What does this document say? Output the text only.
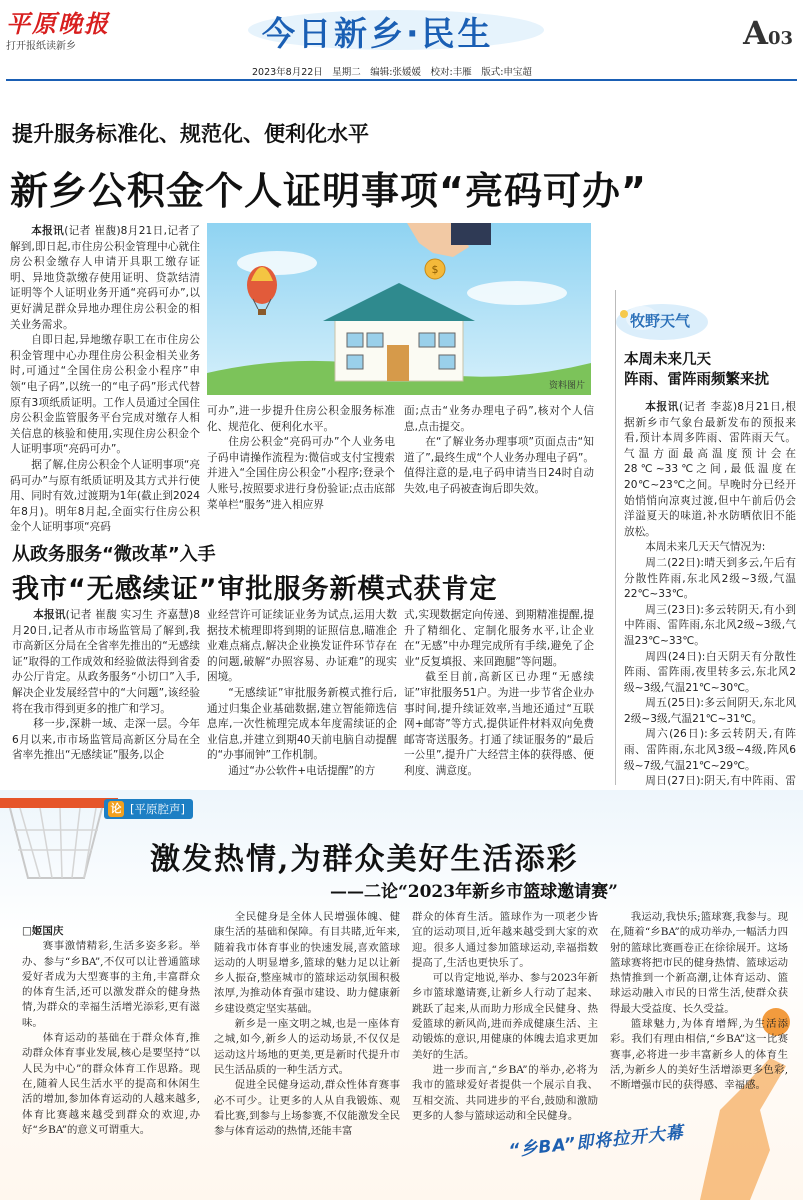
平原晚报
打开报纸读新乡	今日新乡·民生	A03
2023年8月22日　星期二　编辑:张媛媛　校对:丰雁　版式:申宝超
提升服务标准化、规范化、便利化水平
新乡公积金个人证明事项“亮码可办”

本报讯(记者 崔馥)8月21日,记者了解到,即日起,市住房公积金管理中心就住房公积金缴存人申请开具职工缴存证明、异地贷款缴存使用证明、贷款结清证明等个人证明业务开通“亮码可办”,以更好满足群众异地办理住房公积金的相关业务需求。

自即日起,异地缴存职工在市住房公积金管理中心办理住房公积金相关业务时,可通过“全国住房公积金小程序”申领“电子码”,以统一的“电子码”形式代替原有3项纸质证明。工作人员通过全国住房公积金监管服务平台完成对缴存人相关信息的核验和使用,实现住房公积金个人证明事项“亮码可办”。

据了解,住房公积金个人证明事项“亮码可办”与原有纸质证明及其方式并行使用、同时有效,过渡期为1年(截止到2024年8月)。明年8月起,全面实行住房公积金个人证明事项“亮码

$
资料图片

可办”,进一步提升住房公积金服务标准化、规范化、便利化水平。

住房公积金“亮码可办”个人业务电子码申请操作流程为:微信或支付宝搜索并进入“全国住房公积金”小程序;登录个人账号,按照要求进行身份验证;点击底部菜单栏“服务”进入相应界

面;点击“业务办理电子码”,核对个人信息,点击提交。

在“了解业务办理事项”页面点击“知道了”,最终生成“个人业务办理电子码”。值得注意的是,电子码申请当日24时自动失效,电子码被查询后即失效。

牧野天气
本周未来几天
阵雨、雷阵雨频繁来扰

本报讯(记者 李蕊)8月21日,根据新乡市气象台最新发布的预报来看,预计本周多阵雨、雷阵雨天气。气温方面最高温度预计会在28℃~33℃之间,最低温度在20℃~23℃之间。早晚时分已经开始悄悄向凉爽过渡,但中午前后仍会洋溢夏天的味道,补水防晒依旧不能放松。

本周未来几天天气情况为:

周二(22日):晴天到多云,午后有分散性阵雨,东北风2级~3级,气温22℃~33℃。

周三(23日):多云转阴天,有小到中阵雨、雷阵雨,东北风2级~3级,气温23℃~33℃。

周四(24日):白天阴天有分散性阵雨、雷阵雨,夜里转多云,东北风2级~3级,气温21℃~30℃。

周五(25日):多云间阴天,东北风2级~3级,气温21℃~31℃。

周六(26日):多云转阴天,有阵雨、雷阵雨,东北风3级~4级,阵风6级~7级,气温21℃~29℃。

周日(27日):阴天,有中阵雨、雷

从政务服务“微改革”入手
我市“无感续证”审批服务新模式获肯定

本报讯(记者 崔馥 实习生 齐嘉慧)8月20日,记者从市市场监管局了解到,我市高新区分局在全省率先推出的“无感续证”取得的工作成效和经验做法得到省委办公厅肯定。从政务服务“小切口”入手,解决企业发展经营中的“大问题”,该经验将在我市得到更多的推广和学习。

移一步,深耕一域、走深一层。今年6月以来,市市场监管局高新区分局在全省率先推出“无感续证”服务,以企

业经营许可证续证业务为试点,运用大数据技术梳理即将到期的证照信息,瞄准企业难点痛点,解决企业换发证件环节存在的问题,破解“办照容易、办证难”的现实困境。

“无感续证”审批服务新模式推行后,通过归集企业基础数据,建立智能筛选信息库,一次性梳理完成本年度需续证的企业信息,并建立到期40天前电脑自动提醒的“办事闹钟”工作机制。

通过“办公软件+电话提醒”的方

式,实现数据定向传递、到期精准提醒,提升了精细化、定制化服务水平,让企业在“无感”中办理完成所有手续,避免了企业“反复填报、来回跑腿”等问题。

截至目前,高新区已办理“无感续证”审批服务51户。为进一步节省企业办事时间,提升续证效率,当地还通过“互联网+邮寄”等方式,提供证件材料双向免费邮寄寄送服务。打通了续证服务的“最后一公里”,提升广大经营主体的获得感、便利度、满意度。

论 [平原腔声]
激发热情,为群众美好生活添彩
——二论“2023年新乡市篮球邀请赛”

□姬国庆

赛事激情精彩,生活多姿多彩。举办、参与“乡BA”,不仅可以让普通篮球爱好者成为大型赛事的主角,丰富群众的体育生活,还可以激发群众的健身热情,为群众的幸福生活增光添彩,更有滋味。

体育运动的基础在于群众体育,推动群众体育事业发展,核心是要坚持“以人民为中心”的群众体育工作思路。现在,随着人民生活水平的提高和休闲生活的增加,参加体育运动的人越来越多,体育比赛越来越受到群众的欢迎,办好“乡BA”的意义可谓重大。

全民健身是全体人民增强体魄、健康生活的基础和保障。有目共睹,近年来,随着我市体育事业的快速发展,喜欢篮球运动的人明显增多,篮球的魅力足以让新乡人振奋,整座城市的篮球运动氛围积极浓厚,为推动体育强市建设、助力健康新乡建设奠定坚实基础。

新乡是一座文明之城,也是一座体育之城,如今,新乡人的运动场景,不仅仅是运动这片场地的更美,更是新时代提升市民生活品质的一种生活方式。

促进全民健身运动,群众性体育赛事必不可少。让更多的人从自我锻炼、观看比赛,到参与上场参赛,不仅能激发全民参与体育运动的热情,还能丰富

群众的体育生活。篮球作为一项老少皆宜的运动项目,近年越来越受到大家的欢迎。很多人通过参加篮球运动,幸福指数提高了,生活也更快乐了。

可以肯定地说,举办、参与2023年新乡市篮球邀请赛,让新乡人行动了起来、跳跃了起来,从而助力形成全民健身、热爱篮球的新风尚,进而养成健康生活、主动锻炼的意识,用健康的体魄去追求更加美好的生活。

进一步而言,“乡BA”的举办,必将为我市的篮球爱好者提供一个展示自我、互相交流、共同进步的平台,鼓励和激励更多的人参与篮球运动和全民健身。

我运动,我快乐;篮球赛,我参与。现在,随着“乡BA”的成功举办,一幅活力四射的篮球比赛画卷正在徐徐展开。这场篮球赛将把市民的健身热情、篮球运动热情推到一个新高潮,让体育运动、篮球运动融入市民的日常生活,使群众获得最大受益度、长久受益。

篮球魅力,为体育增辉,为生活添彩。我们有理由相信,“乡BA”这一比赛赛事,必将进一步丰富新乡人的体育生活,为新乡人的美好生活增添更多色彩,不断增强市民的获得感、幸福感。

“乡BA”即将拉开大幕
